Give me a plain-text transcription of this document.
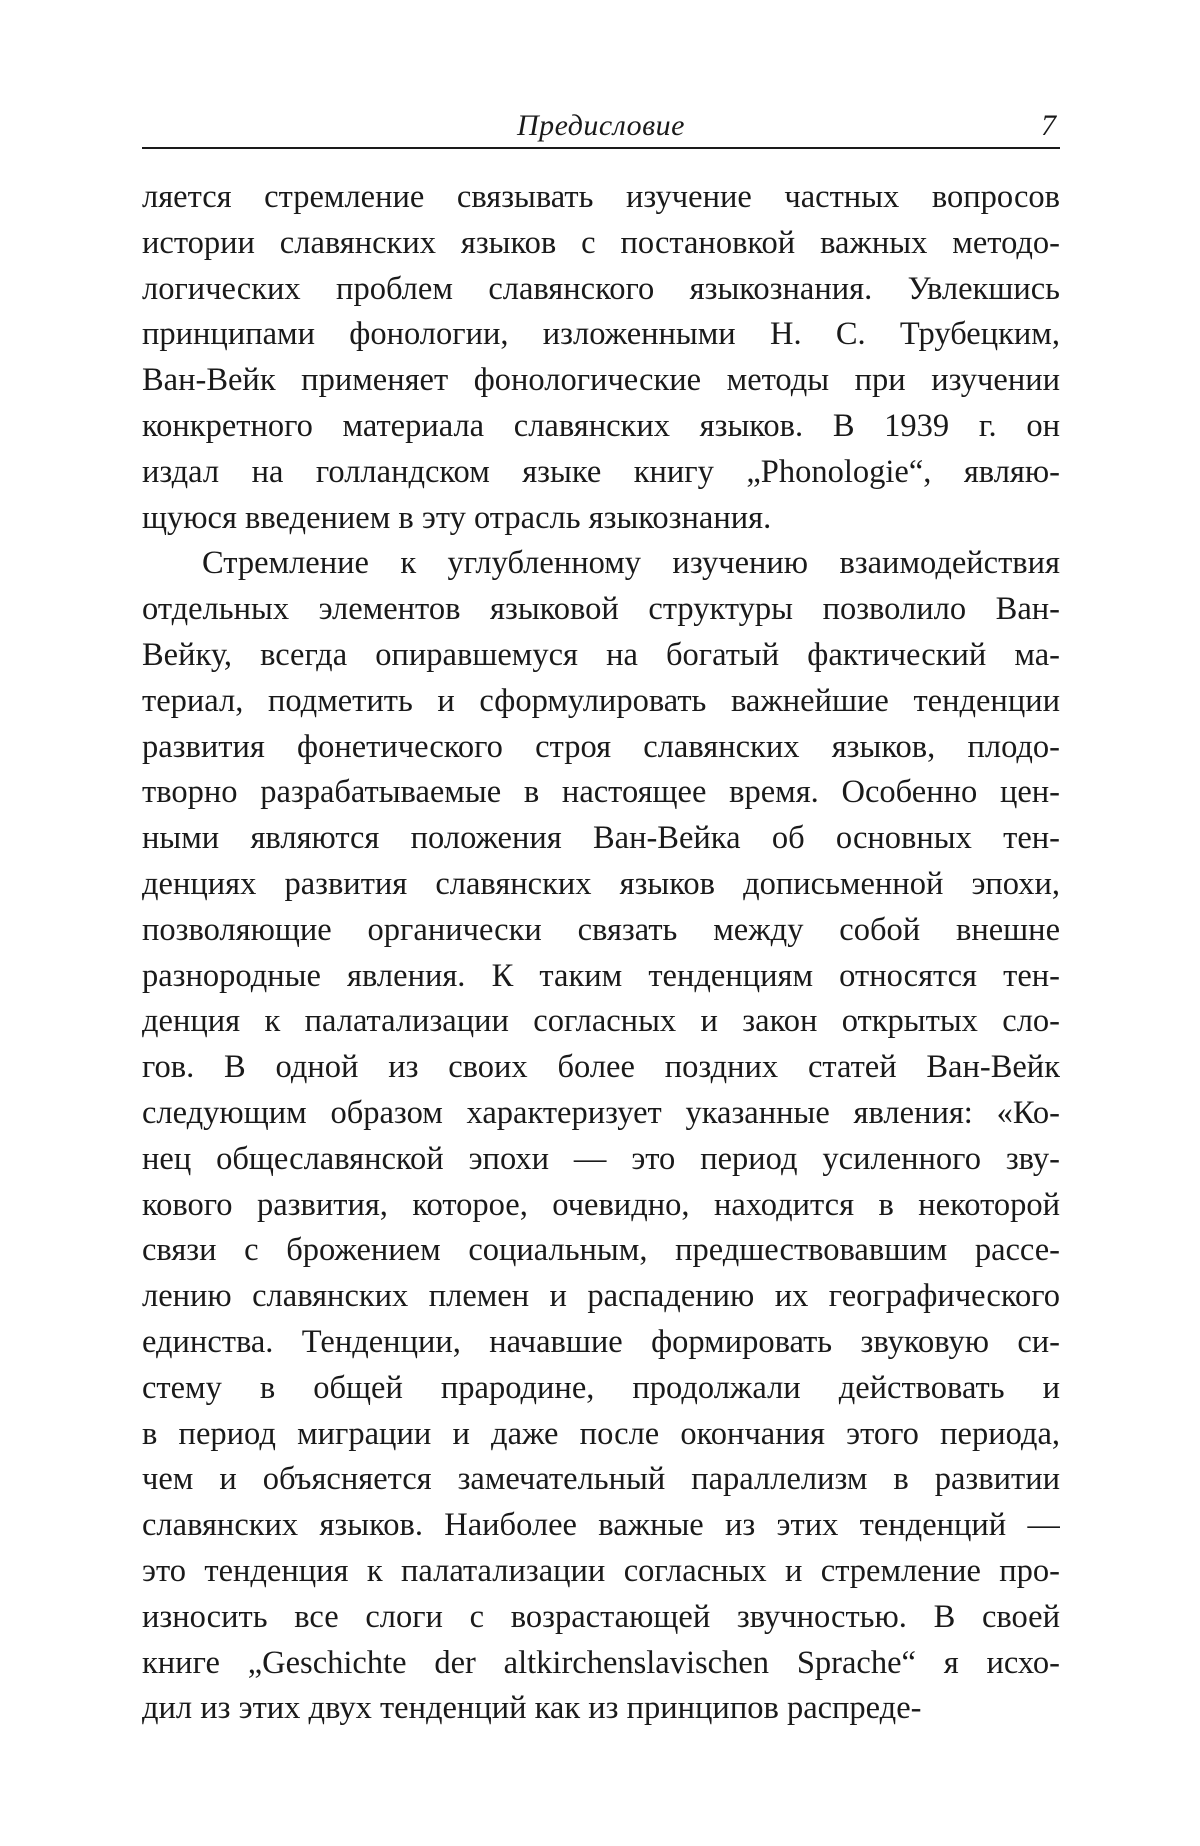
Предисловие	7

ляется стремление связывать изучение частных вопросов
истории славянских языков с постановкой важных методо-
логических проблем славянского языкознания. Увлекшись
принципами фонологии, изложенными Н. С. Трубецким,
Ван-Вейк применяет фонологические методы при изучении
конкретного материала славянских языков. В 1939 г. он
издал на голландском языке книгу „Phonologie“, являю-
щуюся введением в эту отрасль языкознания.

Стремление к углубленному изучению взаимодействия
отдельных элементов языковой структуры позволило Ван-
Вейку, всегда опиравшемуся на богатый фактический ма-
териал, подметить и сформулировать важнейшие тенденции
развития фонетического строя славянских языков, плодо-
творно разрабатываемые в настоящее время. Особенно цен-
ными являются положения Ван-Вейка об основных тен-
денциях развития славянских языков дописьменной эпохи,
позволяющие органически связать между собой внешне
разнородные явления. К таким тенденциям относятся тен-
денция к палатализации согласных и закон открытых сло-
гов. В одной из своих более поздних статей Ван-Вейк
следующим образом характеризует указанные явления: «Ко-
нец общеславянской эпохи — это период усиленного зву-
кового развития, которое, очевидно, находится в некоторой
связи с брожением социальным, предшествовавшим рассе-
лению славянских племен и распадению их географического
единства. Тенденции, начавшие формировать звуковую си-
стему в общей прародине, продолжали действовать и
в период миграции и даже после окончания этого периода,
чем и объясняется замечательный параллелизм в развитии
славянских языков. Наиболее важные из этих тенденций —
это тенденция к палатализации согласных и стремление про-
износить все слоги с возрастающей звучностью. В своей
книге „Geschichte der altkirchenslavischen Sprache“ я исхо-
дил из этих двух тенденций как из принципов распреде-
